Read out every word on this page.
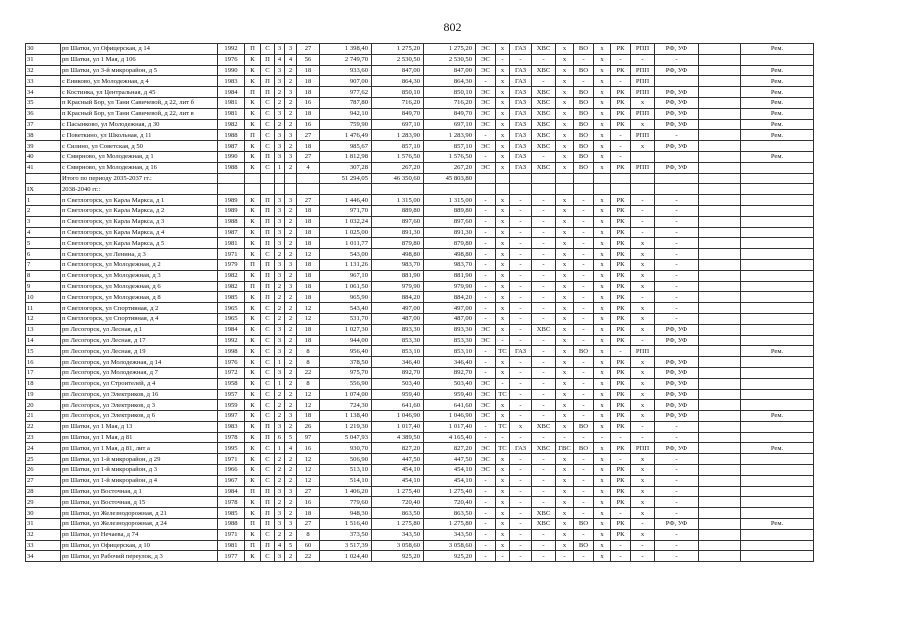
802
30	рп Шатки, ул Офицерская, д 14	1992	П	С	3	3	27	1 398,40	1 275,20	1 275,20	ЭС	х	ГАЗ	ХВС	х	ВО	х	РК	РПП	РФ, УФ		Рем.
31	рп Шатки, ул 1 Мая, д 106	1976	К	П	4	4	56	2 749,70	2 530,50	2 530,50	ЭС	-	-	-	х	-	х	-	-	-		
32	рп Шатки, ул 3-й микрорайон, д 5	1990	К	С	3	2	18	933,60	847,00	847,00	ЭС	х	ГАЗ	ХВС	х	ВО	х	РК	РПП	РФ, УФ		Рем.
33	с Ениково, ул Молодежная, д 4	1983	К	П	3	2	18	907,00	864,30	864,30	-	х	ГАЗ	-	х	-	х	-	РПП			Рем.
34	с Костинка, ул Центральная, д 45	1984	П	П	2	3	18	977,62	850,10	850,10	ЭС	х	ГАЗ	ХВС	х	ВО	х	РК	РПП	РФ, УФ		Рем.
35	п Красный Бор, ул Тани Савичевой, д 22, лит б	1981	К	С	2	2	16	787,80	716,20	716,20	ЭС	х	ГАЗ	ХВС	х	ВО	х	РК	х	РФ, УФ		Рем.
36	п Красный Бор, ул Тани Савичевой, д 22, лит в	1981	К	С	3	2	18	942,10	849,70	849,70	ЭС	х	ГАЗ	ХВС	х	ВО	х	РК	РПП	РФ, УФ		Рем.
37	с Пасынково, ул Молодежная, д 30	1982	К	С	2	2	16	759,90	697,10	697,10	ЭС	х	ГАЗ	ХВС	х	ВО	х	РК	х	РФ, УФ		Рем.
38	с Поветкино, ул Школьная, д 11	1988	П	С	3	3	27	1 476,49	1 283,90	1 283,90	-	х	ГАЗ	ХВС	х	ВО	х	-	РПП	-		Рем.
39	с Силино, ул Советская, д 50	1987	К	С	3	2	18	985,67	857,10	857,10	ЭС	х	ГАЗ	ХВС	х	ВО	х	-	х	РФ, УФ		
40	с Смирново, ул Молодежная, д 1	1990	К	П	3	3	27	1 812,98	1 576,50	1 576,50	-	х	ГАЗ	-	х	ВО	х	-				Рем.
41	с Смирново, ул Молодежная, д 16	1988	К	С	1	2	4	307,28	267,20	267,20	ЭС	х	ГАЗ	ХВС	х	ВО	х	РК	РПП	РФ, УФ		
	Итого по периоду 2035-2037 гг.:							51 294,05	46 350,60	45 803,80												
IX	2038-2040 гг.:																					
1	п Светлогорск, ул Карла Маркса, д 1	1989	К	П	3	3	27	1 446,40	1 315,00	1 315,00	-	х	-	-	х	-	х	РК	-	-		
2	п Светлогорск, ул Карла Маркса, д 2	1989	К	П	3	2	18	971,70	889,80	889,80	-	х	-	-	х	-	х	РК	-	-		
3	п Светлогорск, ул Карла Маркса, д 3	1988	К	П	3	2	18	1 032,24	897,60	897,60	-	х	-	-	х	-	х	РК	-	-		
4	п Светлогорск, ул Карла Маркса, д 4	1987	К	П	3	2	18	1 025,00	891,30	891,30	-	х	-	-	х	-	х	РК	-	-		
5	п Светлогорск, ул Карла Маркса, д 5	1981	К	П	3	2	18	1 011,77	879,80	879,80	-	х	-	-	х	-	х	РК	х	-		
6	п Светлогорск, ул Ленина, д 3	1971	К	С	2	2	12	543,00	498,80	498,80	-	х	-	-	х	-	х	РК	х	-		
7	п Светлогорск, ул Молодежная, д 2	1979	П	П	3	3	18	1 131,26	983,70	983,70	-	х	-	-	х	-	х	РК	х	-		
8	п Светлогорск, ул Молодежная, д 3	1982	К	П	3	2	18	967,10	881,90	881,90	-	х	-	-	х	-	х	РК	х	-		
9	п Светлогорск, ул Молодежная, д 6	1982	П	П	2	3	18	1 061,50	979,90	979,90	-	х	-	-	х	-	х	РК	х	-		
10	п Светлогорск, ул Молодежная, д 8	1985	К	П	2	2	18	965,90	884,20	884,20	-	х	-	-	х	-	х	РК	-	-		
11	п Светлогорск, ул Спортивная, д 2	1965	К	С	2	2	12	543,40	497,00	497,00	-	х	-	-	х	-	х	РК	х	-		
12	п Светлогорск, ул Спортивная, д 4	1965	К	С	2	2	12	531,70	487,00	487,00	-	х	-	-	х	-	х	РК	х	-		
13	рп Лесогорск, ул Лесная, д 1	1984	К	С	3	2	18	1 027,30	893,30	893,30	ЭС	х	-	ХВС	х	-	х	РК	х	РФ, УФ		
14	рп Лесогорск, ул Лесная, д 17	1992	К	С	3	2	18	944,00	853,30	853,30	ЭС	-	-	-	х	-	х	РК	-	РФ, УФ		
15	рп Лесогорск, ул Лесная, д 19	1998	К	С	3	2	8	956,40	853,10	853,10	-	ТС	ГАЗ	-	х	ВО	х	-	РПП			Рем.
16	рп Лесогорск, ул Молодежная, д 14	1976	К	С	1	2	8	378,50	346,40	346,40	-	х	-	-	х	-	х	РК	х	РФ, УФ		
17	рп Лесогорск, ул Молодежная, д 7	1972	К	С	3	2	22	975,70	892,70	892,70	-	х	-	-	х	-	х	РК	х	РФ, УФ		
18	рп Лесогорск, ул Строителей, д 4	1958	К	С	1	2	8	556,90	503,40	503,40	ЭС	-	-	-	х	-	х	РК	х	РФ, УФ		
19	рп Лесогорск, ул Электриков, д 16	1957	К	С	2	2	12	1 074,00	959,40	959,40	ЭС	ТС	-	-	х	-	х	РК	х	РФ, УФ		
20	рп Лесогорск, ул Электриков, д 3	1959	К	С	2	2	12	724,30	641,60	641,60	ЭС	х	-	-	х	-	х	РК	х	РФ, УФ		
21	рп Лесогорск, ул Электриков, д 6	1997	К	С	2	3	18	1 138,40	1 046,90	1 046,90	ЭС	х	-	-	х	-	х	РК	х	РФ, УФ		Рем.
22	рп Шатки, ул 1 Мая, д 13	1983	К	П	3	2	26	1 219,30	1 017,40	1 017,40	-	ТС	х	ХВС	х	ВО	х	РК	-	-		
23	рп Шатки, ул 1 Мая, д 81	1978	К	П	6	5	97	5 047,93	4 389,50	4 165,40	-	-	-	-	-	-	-	-	-	-		
24	рп Шатки, ул 1 Мая, д 81, лит а	1995	К	С	1	4	16	930,70	827,20	827,20	ЭС	ТС	ГАЗ	ХВС	ГВС	ВО	х	РК	РПП	РФ, УФ		Рем.
25	рп Шатки, ул 1-й микрорайон, д 29	1971	К	С	2	2	12	506,90	447,50	447,50	ЭС	х	-	-	х	-	х	-	х	-		
26	рп Шатки, ул 1-й микрорайон, д 3	1966	К	С	2	2	12	513,10	454,10	454,10	ЭС	х	-	-	х	-	х	РК	х	-		
27	рп Шатки, ул 1-й микрорайон, д 4	1967	К	С	2	2	12	514,10	454,10	454,10	-	х	-	-	х	-	х	РК	х	-		
28	рп Шатки, ул Восточная, д 1	1984	П	П	3	3	27	1 406,20	1 275,40	1 275,40	-	х	-	-	х	-	х	РК	х	-		
29	рп Шатки, ул Восточная, д 15	1978	К	П	2	2	16	779,60	720,40	720,40	-	х	-	-	х	-	х	РК	х	-		
30	рп Шатки, ул Железнодорожная, д 21	1985	К	П	3	2	18	948,30	863,50	863,50	-	х	-	ХВС	х	-	х	-	х	-		
31	рп Шатки, ул Железнодорожная, д 24	1988	П	П	3	3	27	1 516,40	1 275,80	1 275,80	-	х	-	ХВС	х	ВО	х	РК	-	РФ, УФ		Рем.
32	рп Шатки, ул Нечаева, д 74	1971	К	С	2	2	8	373,50	343,50	343,50	-	х	-	-	х	-	х	РК	х	-		
33	рп Шатки, ул Офицерская, д 10	1981	П	П	4	5	60	3 517,39	3 058,60	3 058,60	-	х	-	-	х	ВО	х	-	-	-		
34	рп Шатки, ул Рабочий переулок, д 3	1977	К	С	3	2	22	1 024,40	925,20	925,20	-	-	-	-	-	-	х	-	-	-		
